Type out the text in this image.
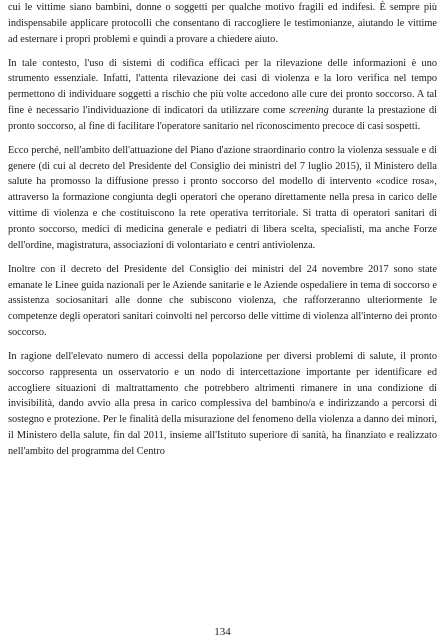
cui le vittime siano bambini, donne o soggetti per qualche motivo fragili ed indifesi. È sempre più indispensabile applicare protocolli che consentano di raccogliere le testimonianze, aiutando le vittime ad esternare i propri problemi e quindi a provare a chiedere aiuto.

In tale contesto, l'uso di sistemi di codifica efficaci per la rilevazione delle informazioni è uno strumento essenziale. Infatti, l'attenta rilevazione dei casi di violenza e la loro verifica nel tempo permettono di individuare soggetti a rischio che più volte accedono alle cure dei pronto soccorso. A tal fine è necessario l'individuazione di indicatori da utilizzare come screening durante la prestazione di pronto soccorso, al fine di facilitare l'operatore sanitario nel riconoscimento precoce di casi sospetti.

Ecco perché, nell'ambito dell'attuazione del Piano d'azione straordinario contro la violenza sessuale e di genere (di cui al decreto del Presidente del Consiglio dei ministri del 7 luglio 2015), il Ministero della salute ha promosso la diffusione presso i pronto soccorso del modello di intervento «codice rosa», attraverso la formazione congiunta degli operatori che operano direttamente nella presa in carico delle vittime di violenza e che costituiscono la rete operativa territoriale. Si tratta di operatori sanitari di pronto soccorso, medici di medicina generale e pediatri di libera scelta, specialisti, ma anche Forze dell'ordine, magistratura, associazioni di volontariato e centri antiviolenza.

Inoltre con il decreto del Presidente del Consiglio dei ministri del 24 novembre 2017 sono state emanate le Linee guida nazionali per le Aziende sanitarie e le Aziende ospedaliere in tema di soccorso e assistenza sociosanitari alle donne che subiscono violenza, che rafforzeranno ulteriormente le competenze degli operatori sanitari coinvolti nel percorso delle vittime di violenza all'interno dei pronto soccorso.

In ragione dell'elevato numero di accessi della popolazione per diversi problemi di salute, il pronto soccorso rappresenta un osservatorio e un nodo di intercettazione importante per identificare ed accogliere situazioni di maltrattamento che potrebbero altrimenti rimanere in una condizione di invisibilità, dando avvio alla presa in carico complessiva del bambino/a e indirizzando a percorsi di sostegno e protezione. Per le finalità della misurazione del fenomeno della violenza a danno dei minori, il Ministero della salute, fin dal 2011, insieme all'Istituto superiore di sanità, ha finanziato e realizzato nell'ambito del programma del Centro

134
